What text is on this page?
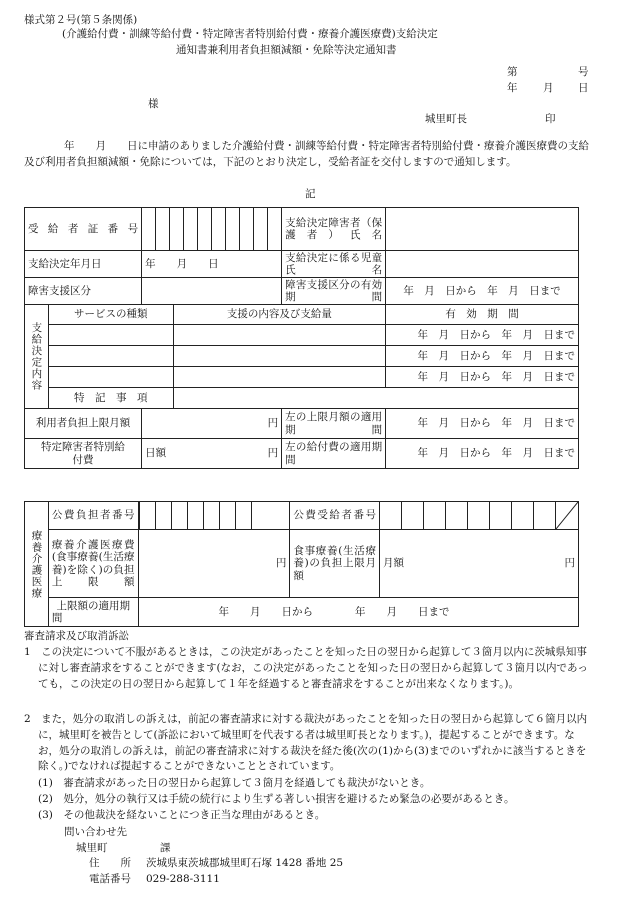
様式第２号(第５条関係)
(介護給付費・訓練等給付費・特定障害者特別給付費・療養介護医療費)支給決定
通知書兼利用者負担額減額・免除等決定通知書
第	号
年 月 日
様
城里町長	印
年　　月　　日に申請のありました介護給付費・訓練等給付費・特定障害者特別給付費・療養介護医療費の支給及び利用者負担額減額・免除については，下記のとおり決定し，受給者証を交付しますので通知します。
記
受給者証番号				支給決定障害者（保護者）氏名	
支給決定年月日		年　　月　　日		支給決定に係る児童氏名	
障害支援区分				障害支援区分の有効期間	年　月　日から　年　月　日まで
支給決定内容	サービスの種類		支援の内容及び支給量		有　効　期　間
					年　月　日から　年　月　日まで
					年　月　日から　年　月　日まで
					年　月　日から　年　月　日まで
	特　記　事　項				
利用者負担上限月額		円		左の上限月額の適用期間	年　月　日から　年　月　日まで
特定障害者特別給付費		日額 円		左の給付費の適用期間	年　月　日から　年　月　日まで
療養介護医療	公費負担者番号		公費受給者番号	

	療養介護医療費(食事療養(生活療養)を除く)の負担上限額	円	食事療養(生活療養)の負担上限月額	月額 円

	上限額の適用期間	年　　月　　日から　　　　年　　月　　日まで		
審査請求及び取消訴訟
1　この決定について不服があるときは，この決定があったことを知った日の翌日から起算して３箇月以内に茨城県知事に対し審査請求をすることができます(なお，この決定があったことを知った日の翌日から起算して３箇月以内であっても，この決定の日の翌日から起算して１年を経過すると審査請求をすることが出来なくなります。)。
2　また，処分の取消しの訴えは，前記の審査請求に対する裁決があったことを知った日の翌日から起算して６箇月以内に，城里町を被告として(訴訟において城里町を代表する者は城里町長となります。)，提起することができます。なお，処分の取消しの訴えは，前記の審査請求に対する裁決を経た後(次の(1)から(3)までのいずれかに該当するときを除く。)でなければ提起することができないこととされています。
(1)　審査請求があった日の翌日から起算して３箇月を経過しても裁決がないとき。
(2)　処分，処分の執行又は手続の続行により生ずる著しい損害を避けるため緊急の必要があるとき。
(3)　その他裁決を経ないことにつき正当な理由があるとき。
問い合わせ先
城里町　　　　　課
住　　所 茨城県東茨城郡城里町石塚 1428 番地 25
電話番号 029-288-3111
